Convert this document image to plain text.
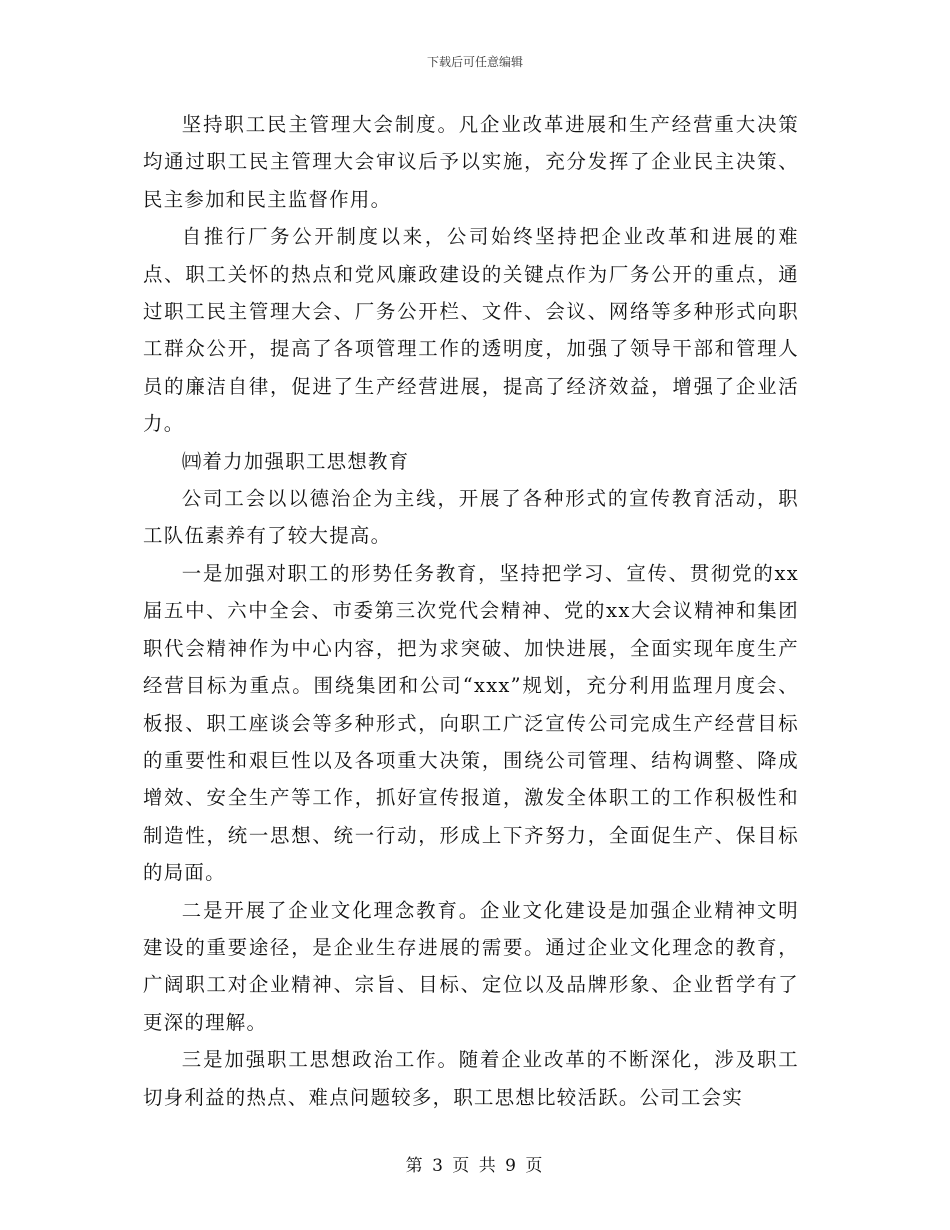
下载后可任意编辑

坚持职工民主管理大会制度。凡企业改革进展和生产经营重大决策均通过职工民主管理大会审议后予以实施，充分发挥了企业民主决策、民主参加和民主监督作用。

自推行厂务公开制度以来，公司始终坚持把企业改革和进展的难点、职工关怀的热点和党风廉政建设的关键点作为厂务公开的重点，通过职工民主管理大会、厂务公开栏、文件、会议、网络等多种形式向职工群众公开，提高了各项管理工作的透明度，加强了领导干部和管理人员的廉洁自律，促进了生产经营进展，提高了经济效益，增强了企业活力。

㈣着力加强职工思想教育

公司工会以以德治企为主线，开展了各种形式的宣传教育活动，职工队伍素养有了较大提高。

一是加强对职工的形势任务教育，坚持把学习、宣传、贯彻党的xx届五中、六中全会、市委第三次党代会精神、党的xx大会议精神和集团职代会精神作为中心内容，把为求突破、加快进展，全面实现年度生产经营目标为重点。围绕集团和公司“xxx”规划，充分利用监理月度会、板报、职工座谈会等多种形式，向职工广泛宣传公司完成生产经营目标的重要性和艰巨性以及各项重大决策，围绕公司管理、结构调整、降成增效、安全生产等工作，抓好宣传报道，激发全体职工的工作积极性和制造性，统一思想、统一行动，形成上下齐努力，全面促生产、保目标的局面。

二是开展了企业文化理念教育。企业文化建设是加强企业精神文明建设的重要途径，是企业生存进展的需要。通过企业文化理念的教育，广阔职工对企业精神、宗旨、目标、定位以及品牌形象、企业哲学有了更深的理解。

三是加强职工思想政治工作。随着企业改革的不断深化，涉及职工切身利益的热点、难点问题较多，职工思想比较活跃。公司工会实

第 3 页 共 9 页
